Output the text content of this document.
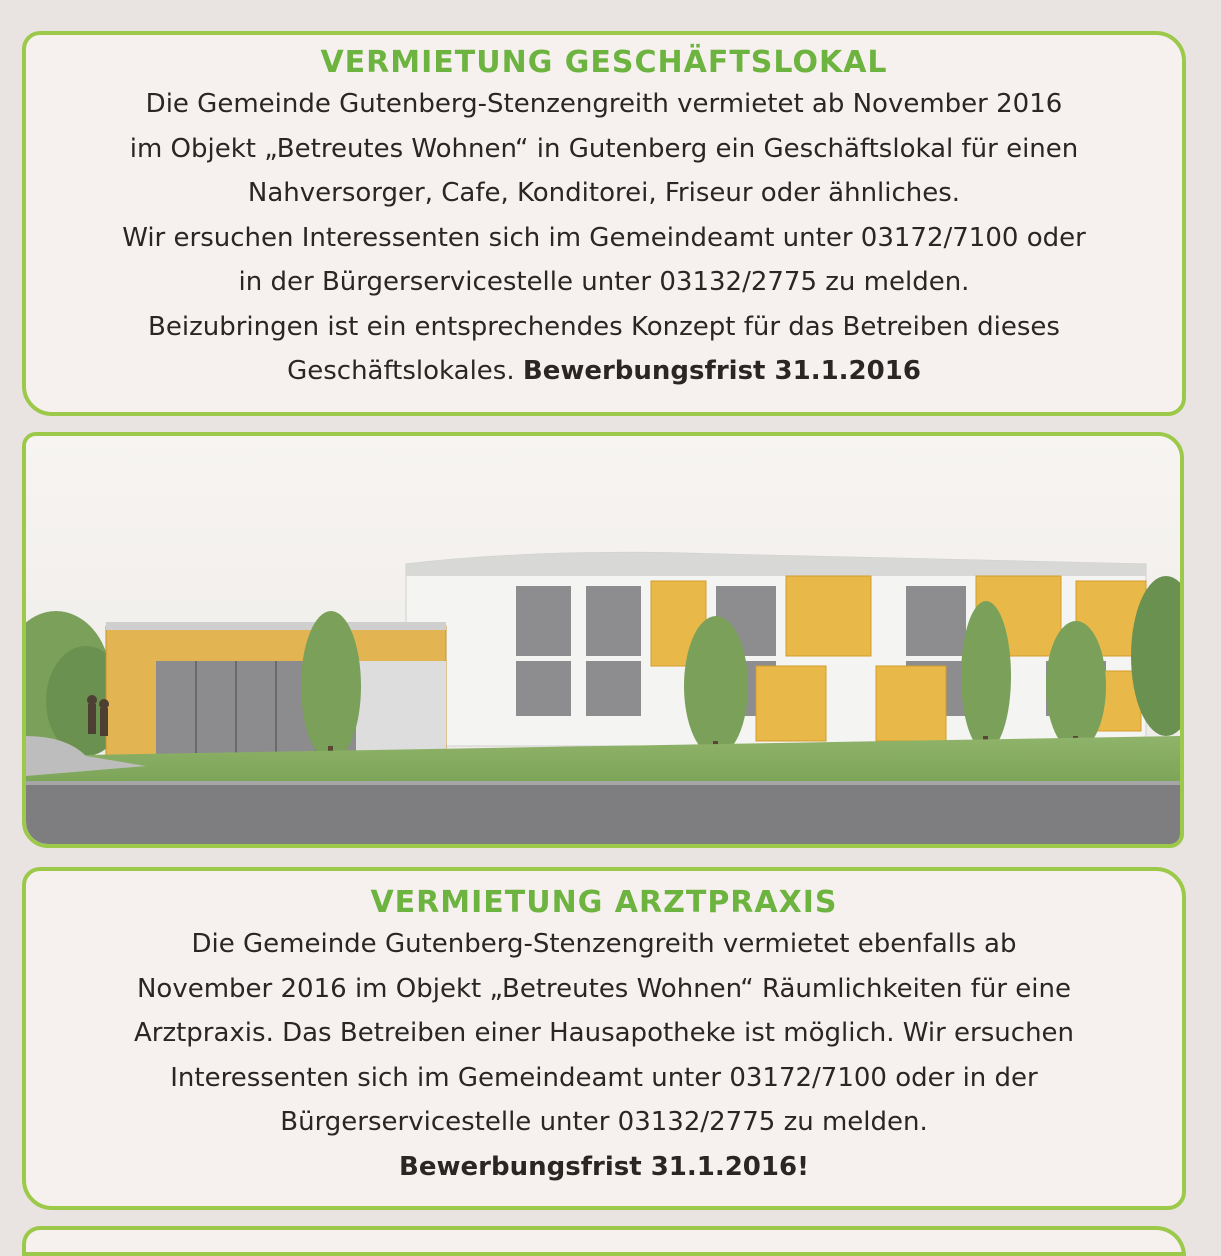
VERMIETUNG GESCHÄFTSLOKAL
Die Gemeinde Gutenberg-Stenzengreith vermietet ab November 2016
im Objekt „Betreutes Wohnen“ in Gutenberg ein Geschäftslokal für einen
Nahversorger, Cafe, Konditorei, Friseur oder ähnliches.
Wir ersuchen Interessenten sich im Gemeindeamt unter 03172/7100 oder
in der Bürgerservicestelle unter 03132/2775 zu melden.
Beizubringen ist ein entsprechendes Konzept für das Betreiben dieses
Geschäftslokales. Bewerbungsfrist 31.1.2016
VERMIETUNG ARZTPRAXIS
Die Gemeinde Gutenberg-Stenzengreith vermietet ebenfalls ab
November 2016 im Objekt „Betreutes Wohnen“ Räumlichkeiten für eine
Arztpraxis. Das Betreiben einer Hausapotheke ist möglich. Wir ersuchen
Interessenten sich im Gemeindeamt unter 03172/7100 oder in der
Bürgerservicestelle unter 03132/2775 zu melden.
Bewerbungsfrist 31.1.2016!
